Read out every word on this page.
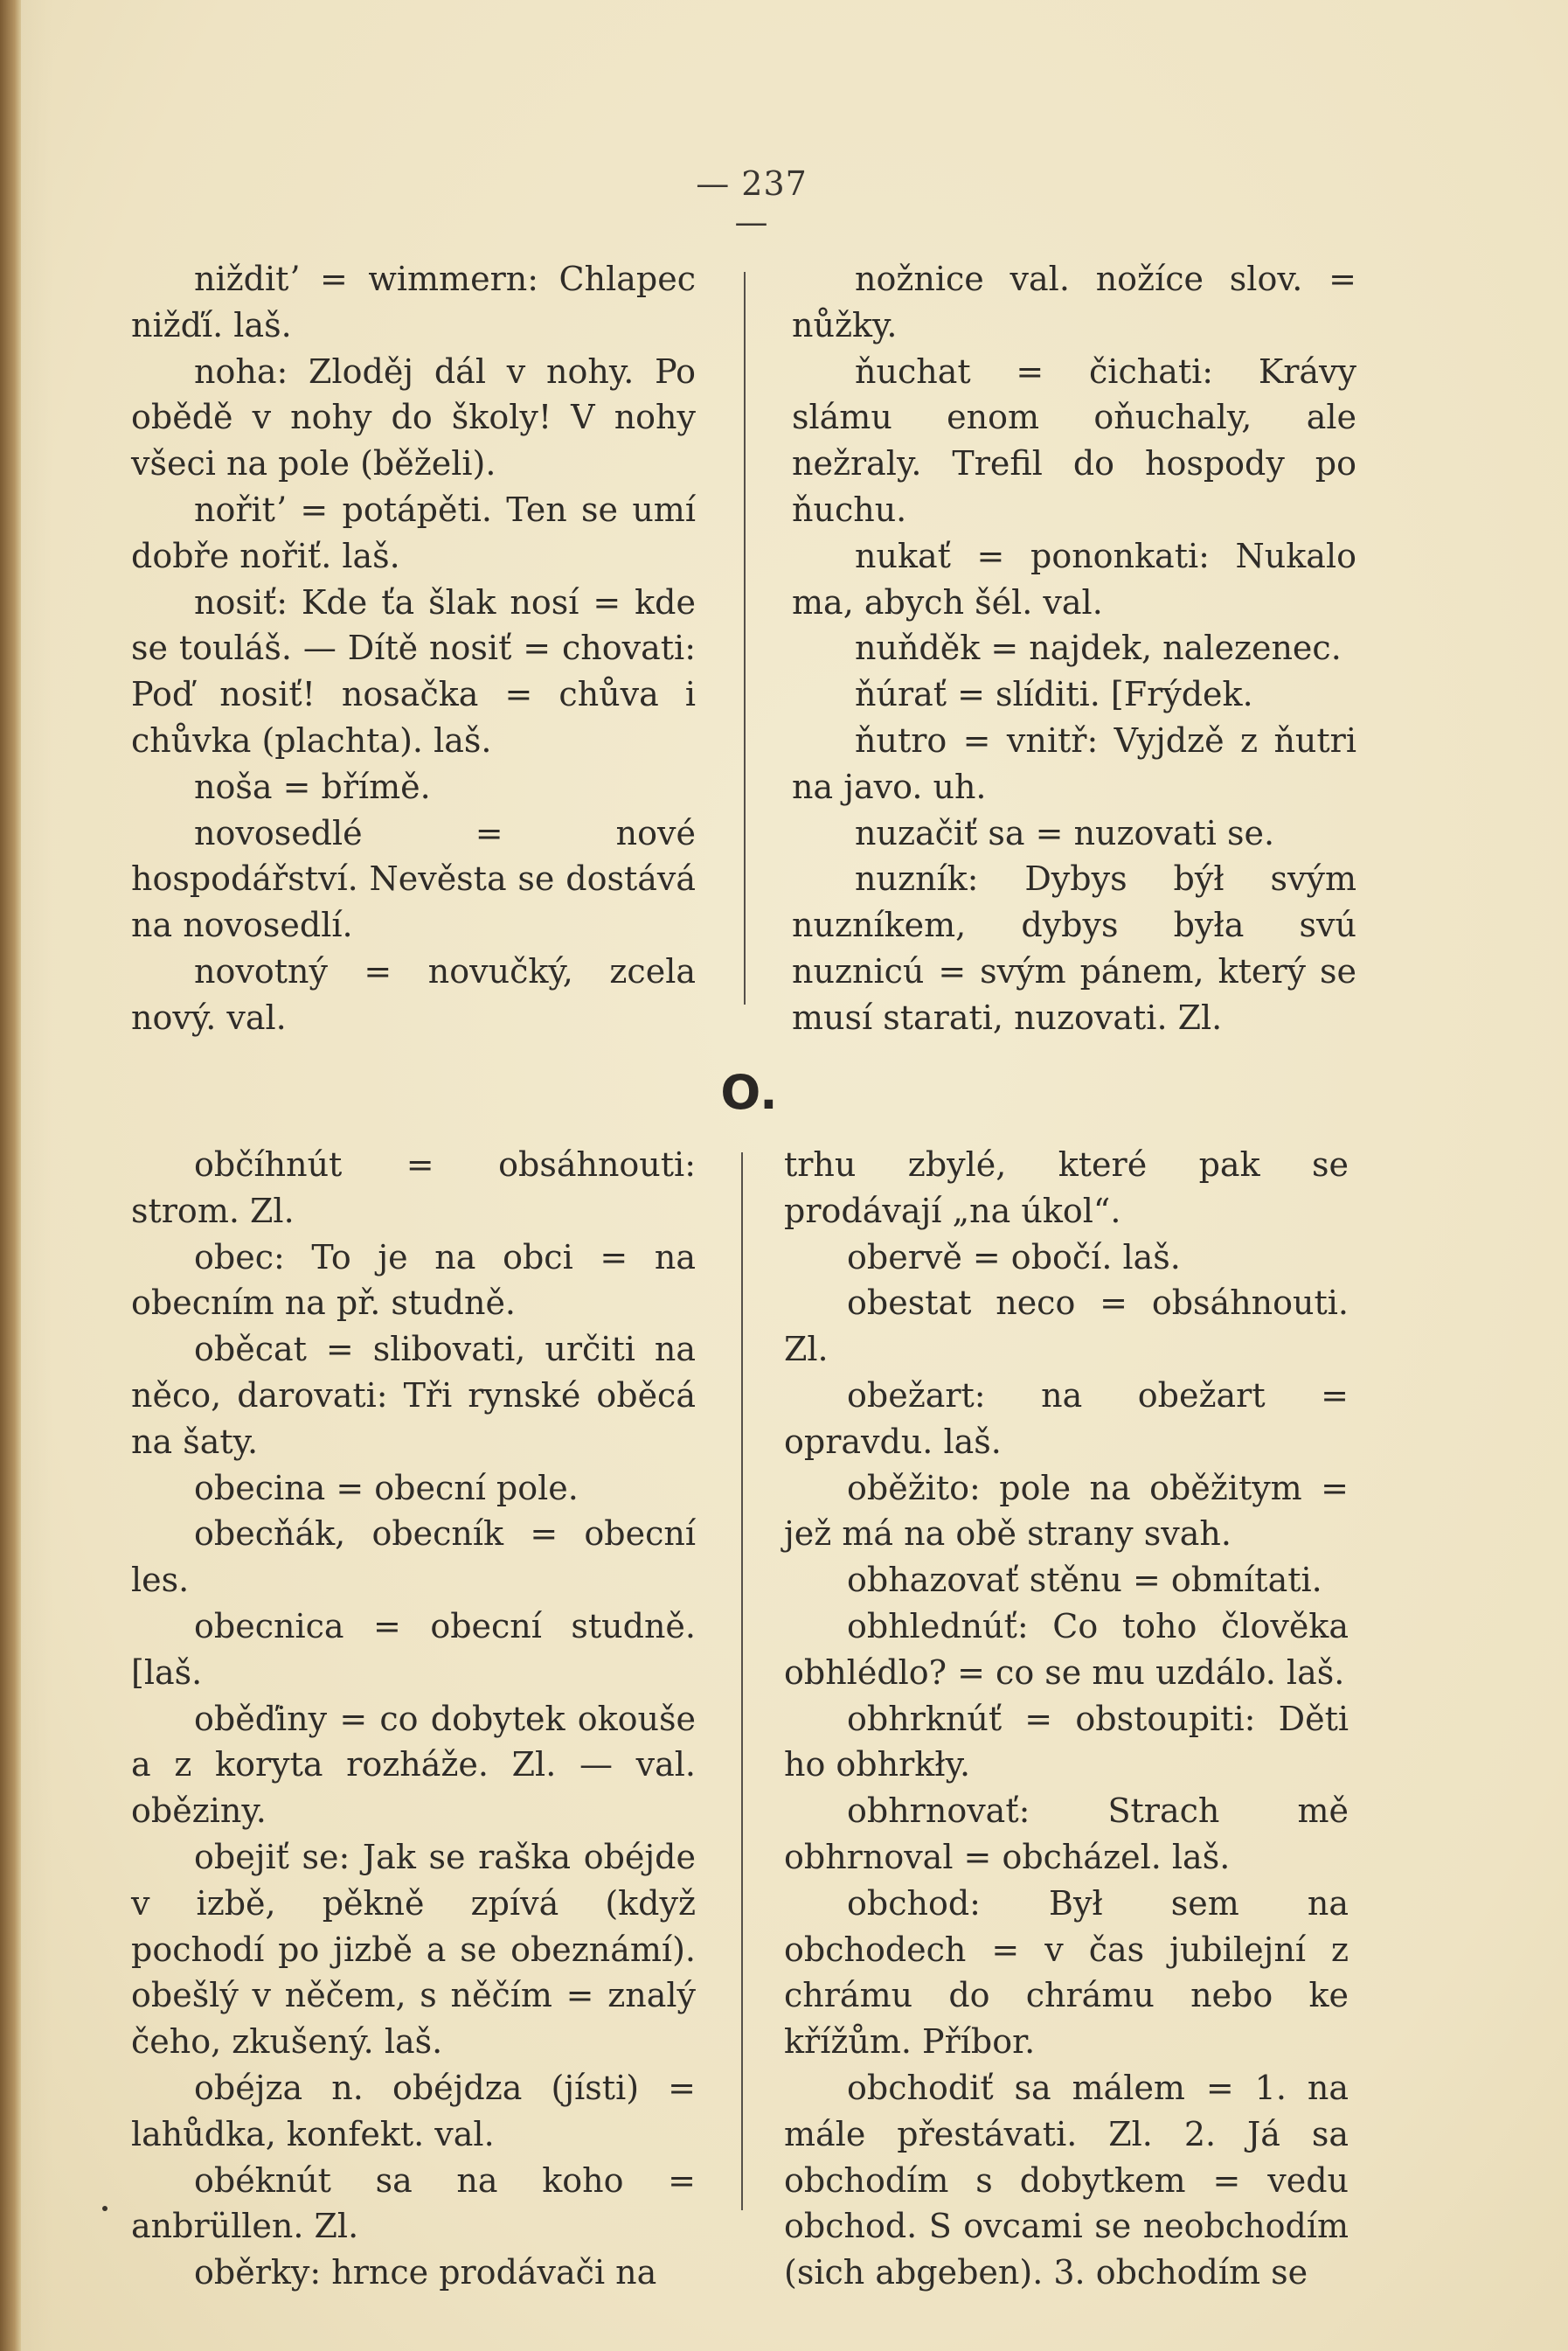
— 237 —

nižditʼ = wimmern: Chlapec nižďí. laš.

noha: Zloděj dál v nohy. Po obědě v nohy do školy! V nohy všeci na pole (běželi).

nořitʼ = potápěti. Ten se umí dobře nořiť. laš.

nosiť: Kde ťa šlak nosí = kde se touláš. — Dítě nosiť = chovati: Poď nosiť! nosačka = chůva i chůvka (plachta). laš.

noša = břímě.

novosedlé = nové hospodářství. Nevěsta se dostává na novosedlí.

novotný = novučký, zcela nový. val.

nožnice val. nožíce slov. = nůžky.

ňuchat = čichati: Krávy slámu enom oňuchaly, ale nežraly. Trefil do hospody po ňuchu.

nukať = pononkati: Nukalo ma, abych šél. val.

nuňděk = najdek, nalezenec.

ňúrať = slíditi. [Frýdek.

ňutro = vnitř: Vyjdzě z ňutri na javo. uh.

nuzačiť sa = nuzovati se.

nuzník: Dybys býł svým nuzníkem, dybys była svú nuznicú = svým pánem, který se musí starati, nuzovati. Zl.

O.

občíhnút = obsáhnouti: strom. Zl.

obec: To je na obci = na obecním na př. studně.

oběcat = slibovati, určiti na něco, darovati: Tři rynské oběcá na šaty.

obecina = obecní pole.

obecňák, obecník = obecní les.

obecnica = obecní studně. [laš.

oběďiny = co dobytek okouše a z koryta rozháže. Zl. — val. oběziny.

obejiť se: Jak se raška obéjde v izbě, pěkně zpívá (když pochodí po jizbě a se obeznámí). obešlý v něčem, s něčím = znalý čeho, zkušený. laš.

obéjza n. obéjdza (jísti) = lahůdka, konfekt. val.

obéknút sa na koho = anbrüllen. Zl.

oběrky: hrnce prodávači na

trhu zbylé, které pak se prodávají „na úkol“.

obervě = obočí. laš.

obestat neco = obsáhnouti. Zl.

obežart: na obežart = opravdu. laš.

oběžito: pole na oběžitym = jež má na obě strany svah.

obhazovať stěnu = obmítati.

obhlednúť: Co toho člověka obhlédlo? = co se mu uzdálo. laš.

obhrknúť = obstoupiti: Děti ho obhrkły.

obhrnovať: Strach mě obhrnoval = obcházel. laš.

obchod: Był sem na obchodech = v čas jubilejní z chrámu do chrámu nebo ke křížům. Příbor.

obchodiť sa málem = 1. na mále přestávati. Zl. 2. Já sa obchodím s dobytkem = vedu obchod. S ovcami se neobchodím (sich abgeben). 3. obchodím se
